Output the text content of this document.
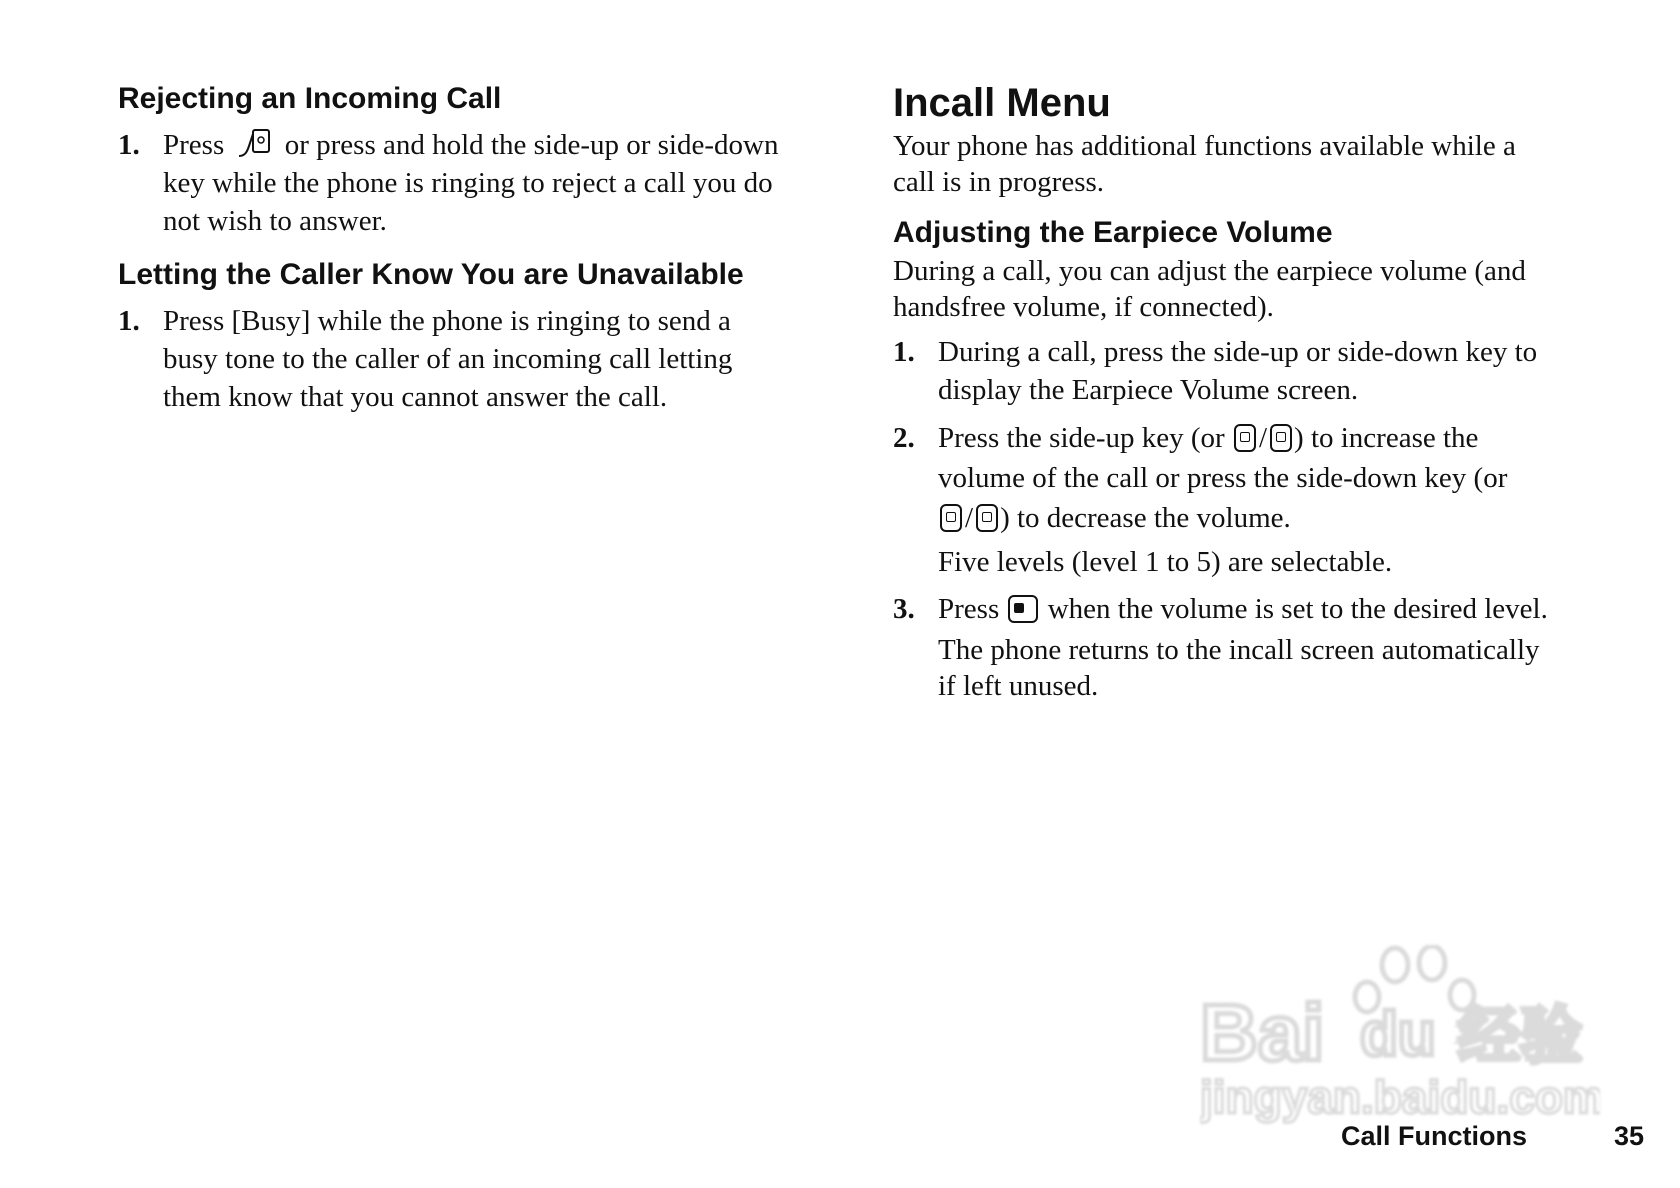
Rejecting an Incoming Call
1. Press or press and hold the side-up or side-down
key while the phone is ringing to reject a call you do
not wish to answer.
Letting the Caller Know You are Unavailable
1. Press [Busy] while the phone is ringing to send a
busy tone to the caller of an incoming call letting
them know that you cannot answer the call.
Incall Menu
Your phone has additional functions available while a
call is in progress.
Adjusting the Earpiece Volume
During a call, you can adjust the earpiece volume (and
handsfree volume, if connected).
1. During a call, press the side-up or side-down key to
display the Earpiece Volume screen.
2. Press the side-up key (or / ) to increase the
volume of the call or press the side-down key (or
/ ) to decrease the volume.
Five levels (level 1 to 5) are selectable.
3. Press when the volume is set to the desired level.
The phone returns to the incall screen automatically
if left unused.
Bai du 经验
jingyan.baidu.com
Call Functions	35
